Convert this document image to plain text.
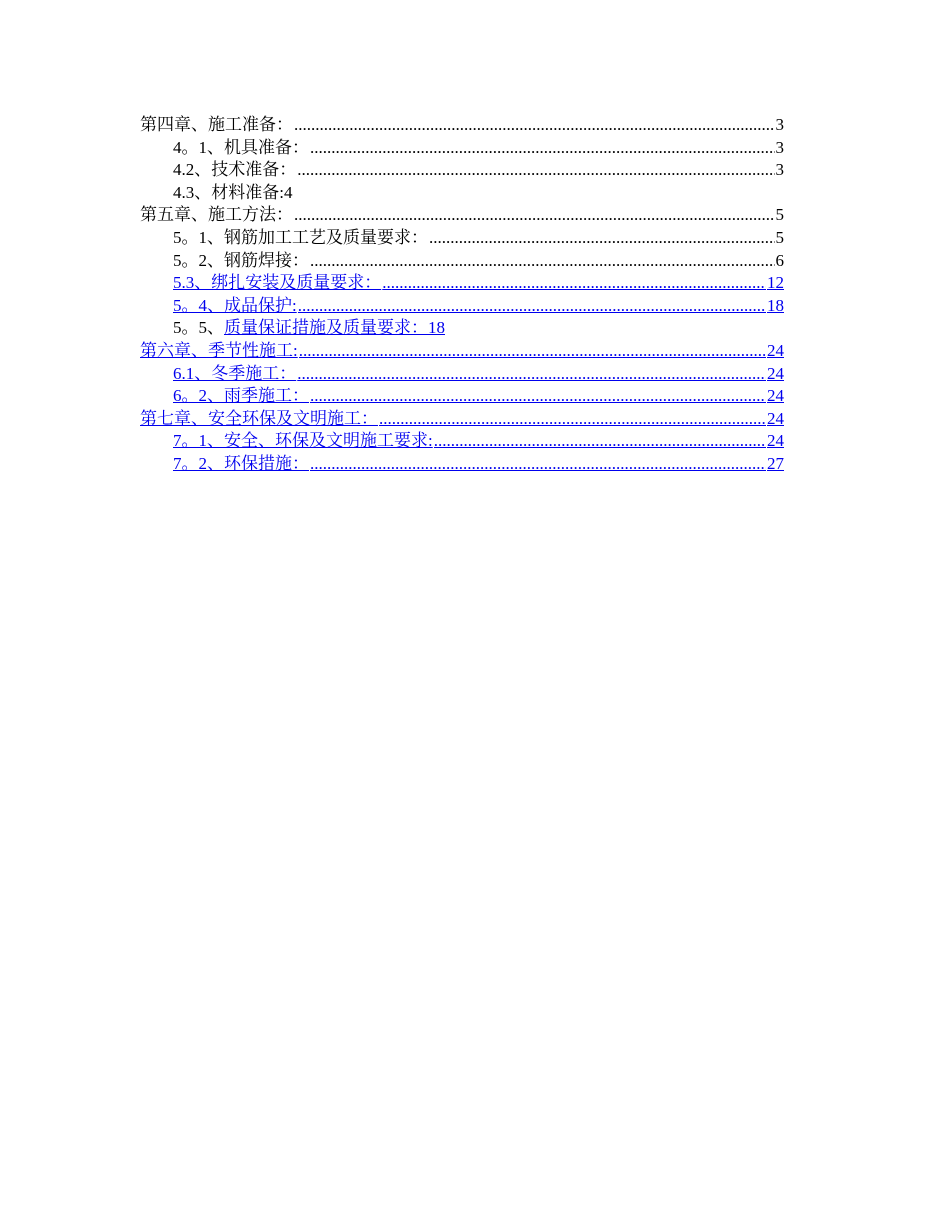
第四章、施工准备： .....	3
4。1、机具准备： .....	3
4.2、技术准备： .....	3
4.3、材料准备:4
第五章、施工方法： .....	5
5。1、钢筋加工工艺及质量要求： .....	5
5。2、钢筋焊接： .....	6
5.3、绑扎安装及质量要求： .....	12
5。4、成品保护: .....	18
5。5、 质量保证措施及质量要求：18
第六章、季节性施工: .....	24
6.1、冬季施工： .....	24
6。2、雨季施工： .....	24
第七章、安全环保及文明施工： .....	24
7。1、安全、环保及文明施工要求: .....	24
7。2、环保措施： .....	27
